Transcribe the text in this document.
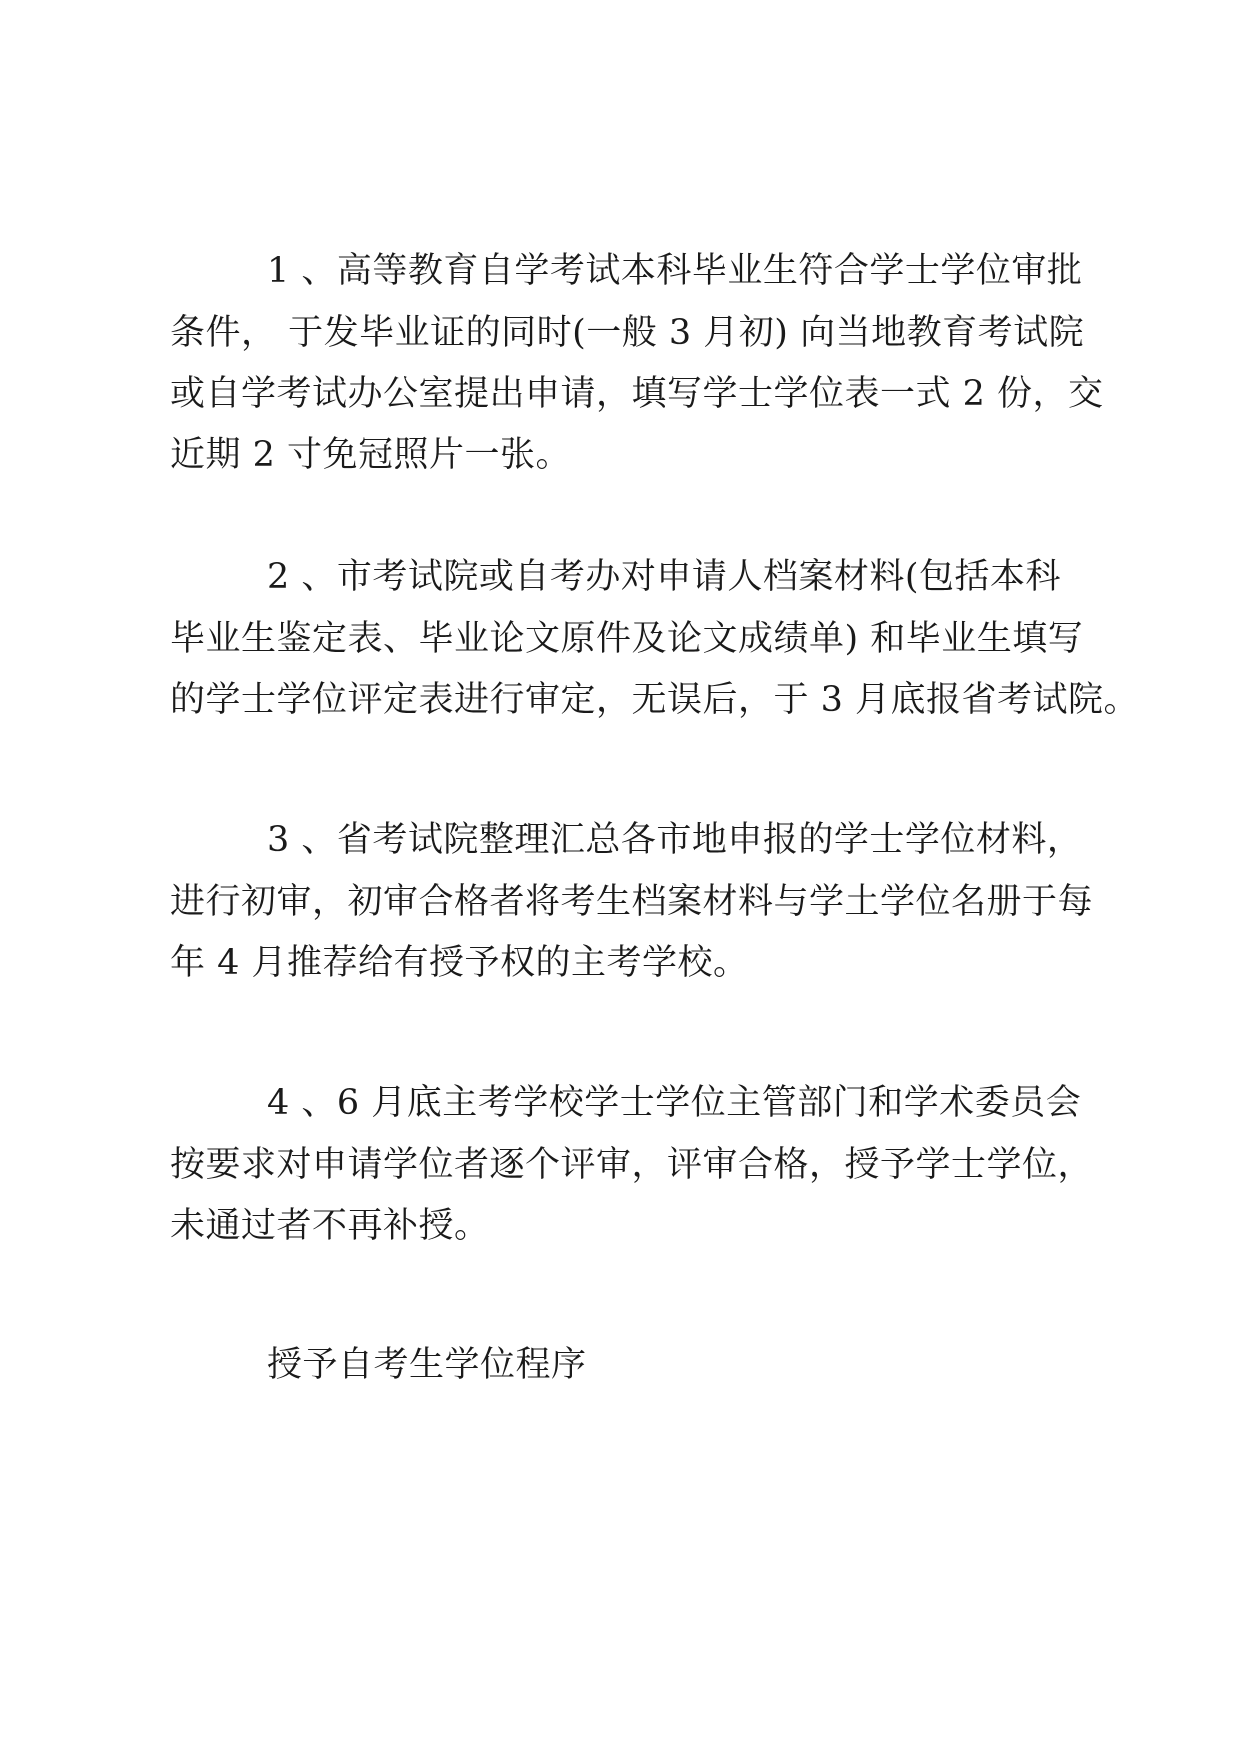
1 、高等教育自学考试本科毕业生符合学士学位审批

条件， 于发毕业证的同时(一般 3 月初) 向当地教育考试院

或自学考试办公室提出申请，填写学士学位表一式 2 份，交

近期 2 寸免冠照片一张。

2 、市考试院或自考办对申请人档案材料(包括本科

毕业生鉴定表、毕业论文原件及论文成绩单) 和毕业生填写

的学士学位评定表进行审定，无误后，于 3 月底报省考试院。

3 、省考试院整理汇总各市地申报的学士学位材料，

进行初审，初审合格者将考生档案材料与学土学位名册于每

年 4 月推荐给有授予权的主考学校。

4 、6 月底主考学校学士学位主管部门和学术委员会

按要求对申请学位者逐个评审，评审合格，授予学士学位，

未通过者不再补授。

授予自考生学位程序
